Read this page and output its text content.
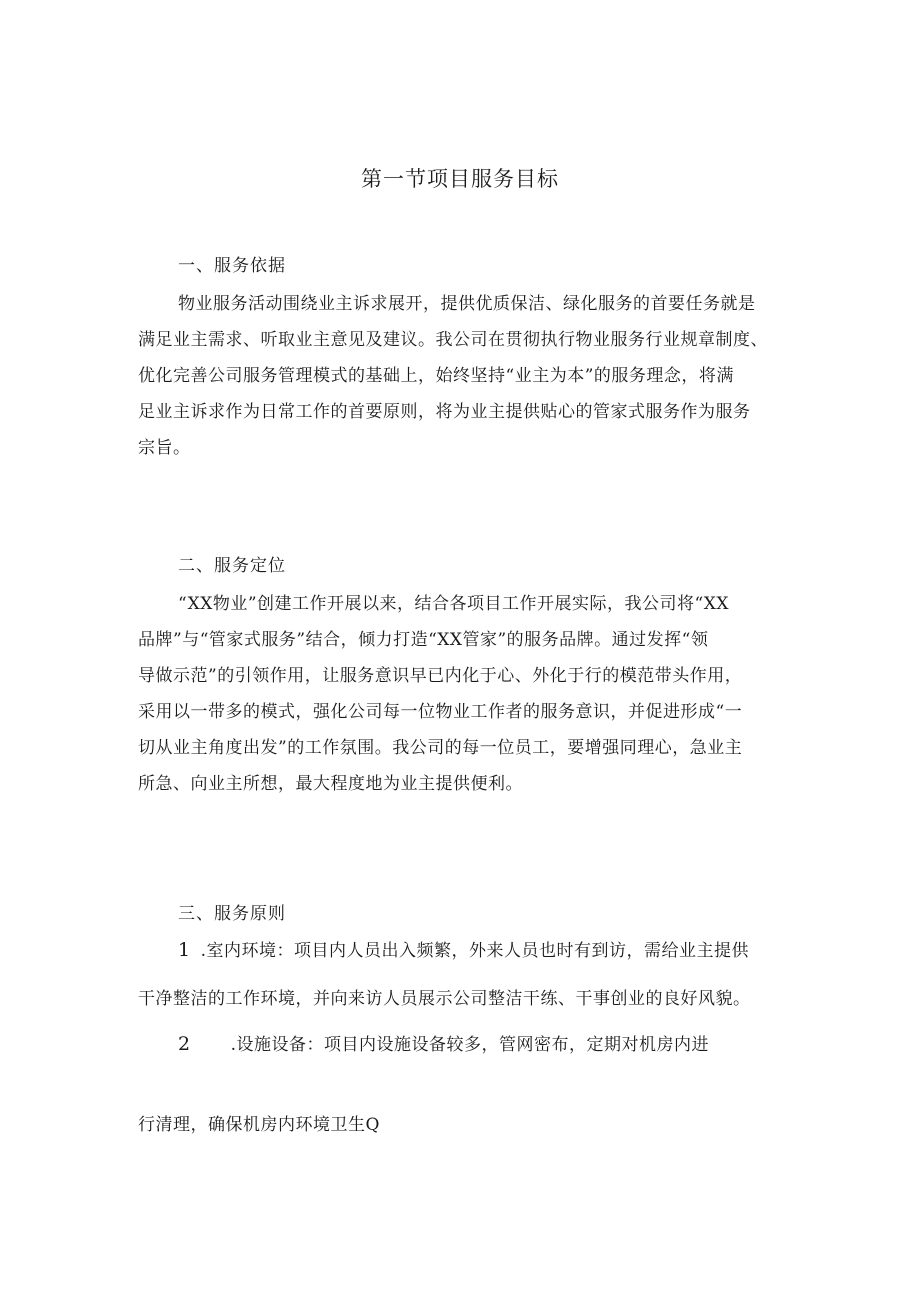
第一节项目服务目标
一、服务依据
物业服务活动围绕业主诉求展开，提供优质保洁、绿化服务的首要任务就是
满足业主需求、听取业主意见及建议。我公司在贯彻执行物业服务行业规章制度、
优化完善公司服务管理模式的基础上，始终坚持“业主为本”的服务理念，将满
足业主诉求作为日常工作的首要原则，将为业主提供贴心的管家式服务作为服务
宗旨。
二、服务定位
“XX物业”创建工作开展以来，结合各项目工作开展实际，我公司将“XX
品牌”与“管家式服务”结合，倾力打造“XX管家”的服务品牌。通过发挥“领
导做示范”的引领作用，让服务意识早已内化于心、外化于行的模范带头作用，
采用以一带多的模式，强化公司每一位物业工作者的服务意识，并促进形成“一
切从业主角度出发”的工作氛围。我公司的每一位员工，要增强同理心，急业主
所急、向业主所想，最大程度地为业主提供便利。
三、服务原则
1 .室内环境：项目内人员出入频繁，外来人员也时有到访，需给业主提供
干净整洁的工作环境，并向来访人员展示公司整洁干练、干事创业的良好风貌。
2 .设施设备：项目内设施设备较多，管网密布，定期对机房内进
行清理，确保机房内环境卫生Q
